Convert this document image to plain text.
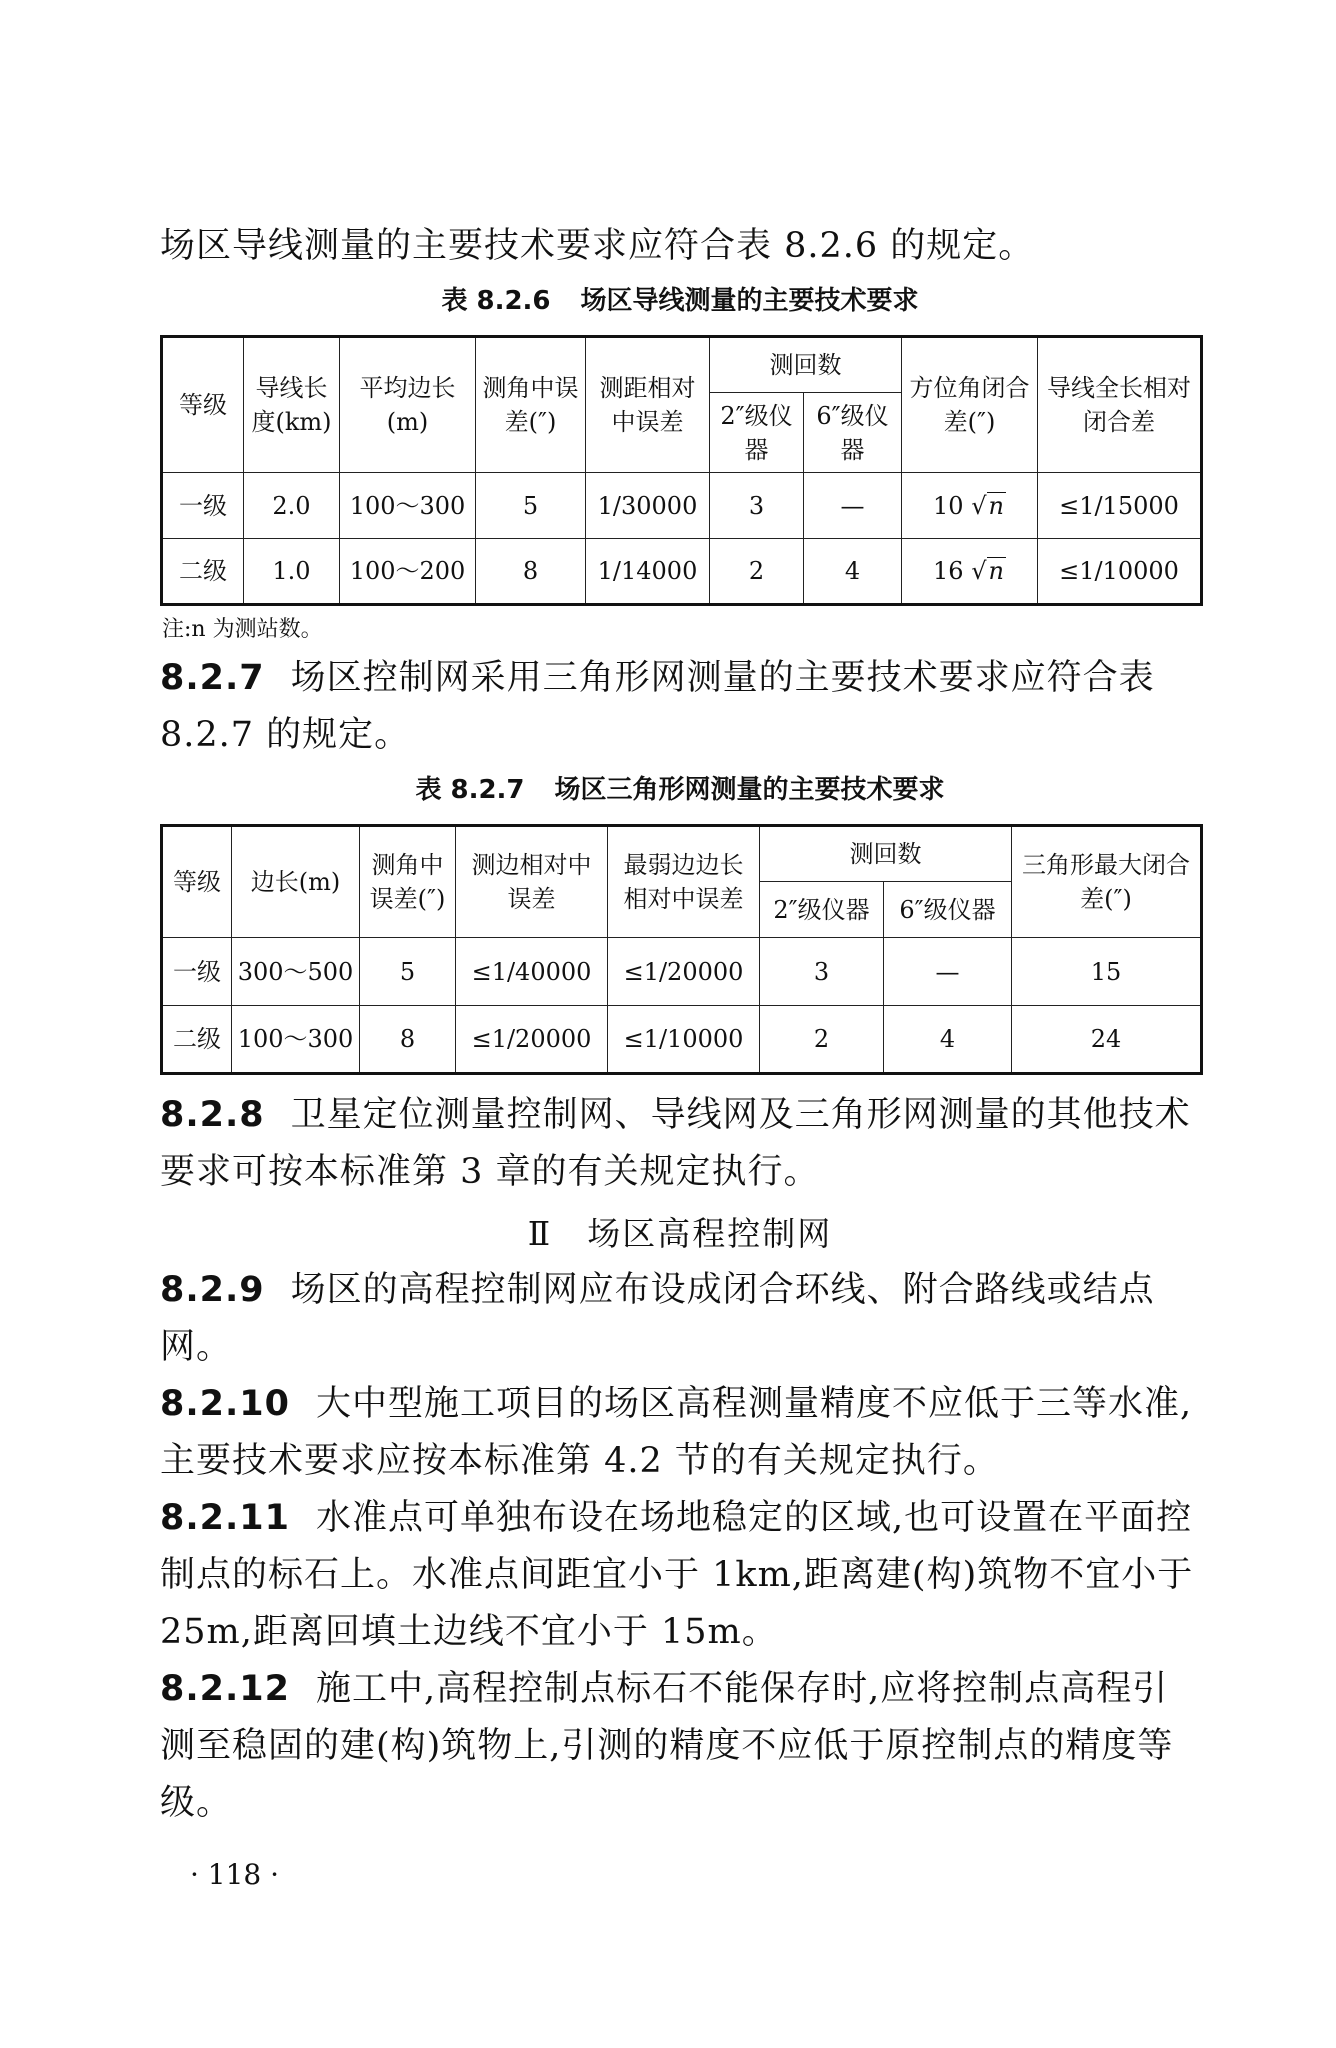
场区导线测量的主要技术要求应符合表 8.2.6 的规定。

表 8.2.6 场区导线测量的主要技术要求
等级	导线长度(km)	平均边长(m)	测角中误差(″)	测距相对中误差	测回数		方位角闭合差(″)	导线全长相对闭合差
					2″级仪器	6″级仪器		
一级	2.0	100～300	5	1/30000	3	—	10 √n	≤1/15000
二级	1.0	100～200	8	1/14000	2	4	16 √n	≤1/10000
注:n 为测站数。

8.2.7 场区控制网采用三角形网测量的主要技术要求应符合表 8.2.7 的规定。

表 8.2.7 场区三角形网测量的主要技术要求
等级	边长(m)	测角中误差(″)	测边相对中误差	最弱边边长相对中误差	测回数		三角形最大闭合差(″)
					2″级仪器	6″级仪器	
一级	300～500	5	≤1/40000	≤1/20000	3	—	15
二级	100～300	8	≤1/20000	≤1/10000	2	4	24

8.2.8 卫星定位测量控制网、导线网及三角形网测量的其他技术要求可按本标准第 3 章的有关规定执行。

Ⅱ　场区高程控制网

8.2.9 场区的高程控制网应布设成闭合环线、附合路线或结点网。

8.2.10 大中型施工项目的场区高程测量精度不应低于三等水准,主要技术要求应按本标准第 4.2 节的有关规定执行。

8.2.11 水准点可单独布设在场地稳定的区域,也可设置在平面控制点的标石上。水准点间距宜小于 1km,距离建(构)筑物不宜小于 25m,距离回填土边线不宜小于 15m。

8.2.12 施工中,高程控制点标石不能保存时,应将控制点高程引测至稳固的建(构)筑物上,引测的精度不应低于原控制点的精度等级。

· 118 ·
